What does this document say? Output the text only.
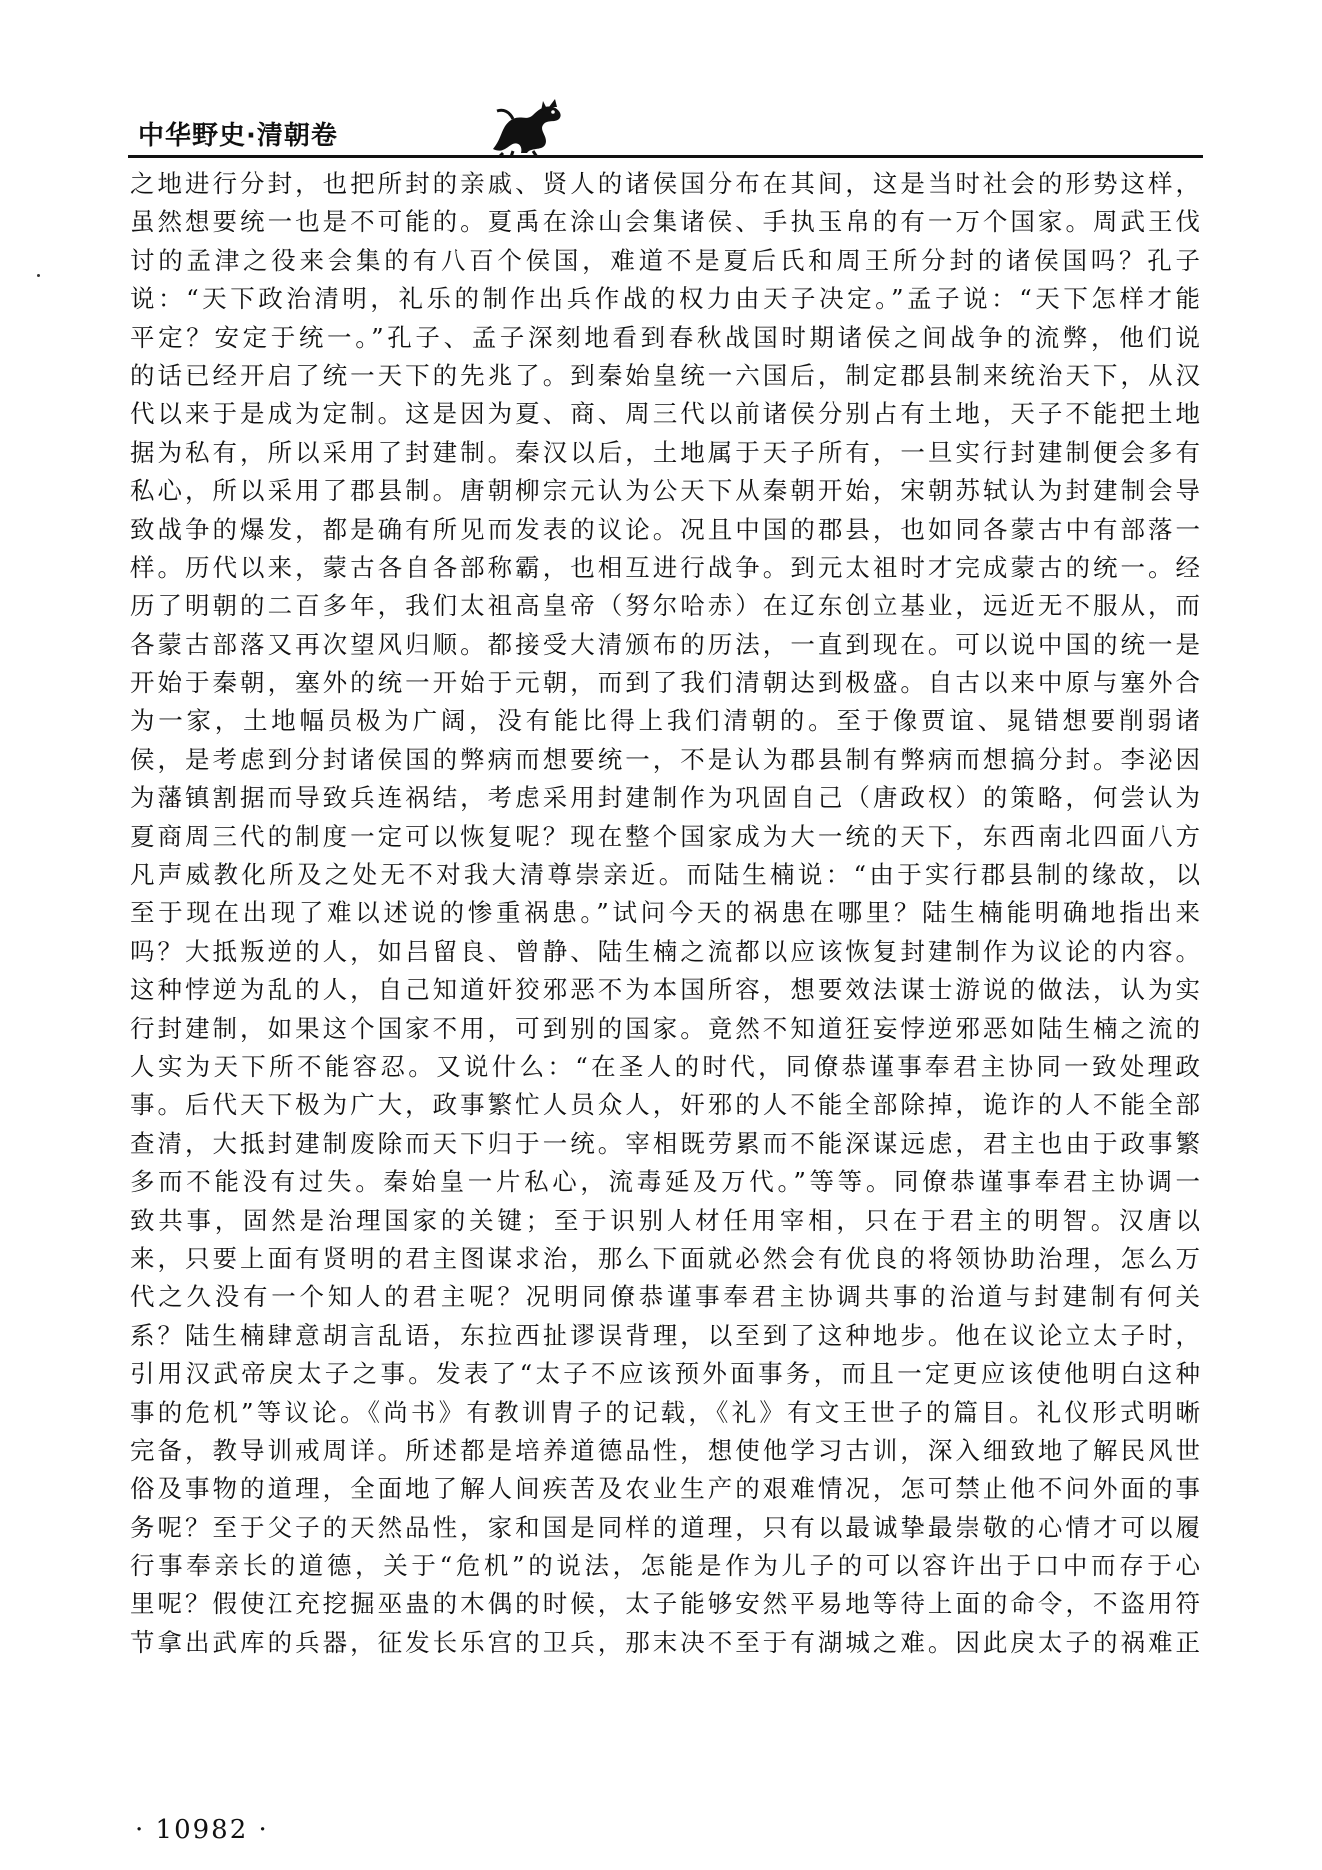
中华野史·清朝卷
之地进行分封，也把所封的亲戚、贤人的诸侯国分布在其间，这是当时社会的形势这样，
虽然想要统一也是不可能的。夏禹在涂山会集诸侯、手执玉帛的有一万个国家。周武王伐
讨的孟津之役来会集的有八百个侯国，难道不是夏后氏和周王所分封的诸侯国吗？孔子
说：“天下政治清明，礼乐的制作出兵作战的权力由天子决定。”孟子说：“天下怎样才能
平定？安定于统一。”孔子、孟子深刻地看到春秋战国时期诸侯之间战争的流弊，他们说
的话已经开启了统一天下的先兆了。到秦始皇统一六国后，制定郡县制来统治天下，从汉
代以来于是成为定制。这是因为夏、商、周三代以前诸侯分别占有土地，天子不能把土地
据为私有，所以采用了封建制。秦汉以后，土地属于天子所有，一旦实行封建制便会多有
私心，所以采用了郡县制。唐朝柳宗元认为公天下从秦朝开始，宋朝苏轼认为封建制会导
致战争的爆发，都是确有所见而发表的议论。况且中国的郡县，也如同各蒙古中有部落一
样。历代以来，蒙古各自各部称霸，也相互进行战争。到元太祖时才完成蒙古的统一。经
历了明朝的二百多年，我们太祖高皇帝（努尔哈赤）在辽东创立基业，远近无不服从，而
各蒙古部落又再次望风归顺。都接受大清颁布的历法，一直到现在。可以说中国的统一是
开始于秦朝，塞外的统一开始于元朝，而到了我们清朝达到极盛。自古以来中原与塞外合
为一家，土地幅员极为广阔，没有能比得上我们清朝的。至于像贾谊、晁错想要削弱诸
侯，是考虑到分封诸侯国的弊病而想要统一，不是认为郡县制有弊病而想搞分封。李泌因
为藩镇割据而导致兵连祸结，考虑采用封建制作为巩固自己（唐政权）的策略，何尝认为
夏商周三代的制度一定可以恢复呢？现在整个国家成为大一统的天下，东西南北四面八方
凡声威教化所及之处无不对我大清尊崇亲近。而陆生楠说：“由于实行郡县制的缘故，以
至于现在出现了难以述说的惨重祸患。”试问今天的祸患在哪里？陆生楠能明确地指出来
吗？大抵叛逆的人，如吕留良、曾静、陆生楠之流都以应该恢复封建制作为议论的内容。
这种悖逆为乱的人，自己知道奸狡邪恶不为本国所容，想要效法谋士游说的做法，认为实
行封建制，如果这个国家不用，可到别的国家。竟然不知道狂妄悖逆邪恶如陆生楠之流的
人实为天下所不能容忍。又说什么：“在圣人的时代，同僚恭谨事奉君主协同一致处理政
事。后代天下极为广大，政事繁忙人员众人，奸邪的人不能全部除掉，诡诈的人不能全部
查清，大抵封建制废除而天下归于一统。宰相既劳累而不能深谋远虑，君主也由于政事繁
多而不能没有过失。秦始皇一片私心，流毒延及万代。”等等。同僚恭谨事奉君主协调一
致共事，固然是治理国家的关键；至于识别人材任用宰相，只在于君主的明智。汉唐以
来，只要上面有贤明的君主图谋求治，那么下面就必然会有优良的将领协助治理，怎么万
代之久没有一个知人的君主呢？况明同僚恭谨事奉君主协调共事的治道与封建制有何关
系？陆生楠肆意胡言乱语，东拉西扯谬误背理，以至到了这种地步。他在议论立太子时，
引用汉武帝戾太子之事。发表了“太子不应该预外面事务，而且一定更应该使他明白这种
事的危机”等议论。《尚书》有教训胄子的记载，《礼》有文王世子的篇目。礼仪形式明晰
完备，教导训戒周详。所述都是培养道德品性，想使他学习古训，深入细致地了解民风世
俗及事物的道理，全面地了解人间疾苦及农业生产的艰难情况，怎可禁止他不问外面的事
务呢？至于父子的天然品性，家和国是同样的道理，只有以最诚挚最崇敬的心情才可以履
行事奉亲长的道德，关于“危机”的说法，怎能是作为儿子的可以容许出于口中而存于心
里呢？假使江充挖掘巫蛊的木偶的时候，太子能够安然平易地等待上面的命令，不盗用符
节拿出武库的兵器，征发长乐宫的卫兵，那末决不至于有湖城之难。因此戾太子的祸难正
· 10982 ·
